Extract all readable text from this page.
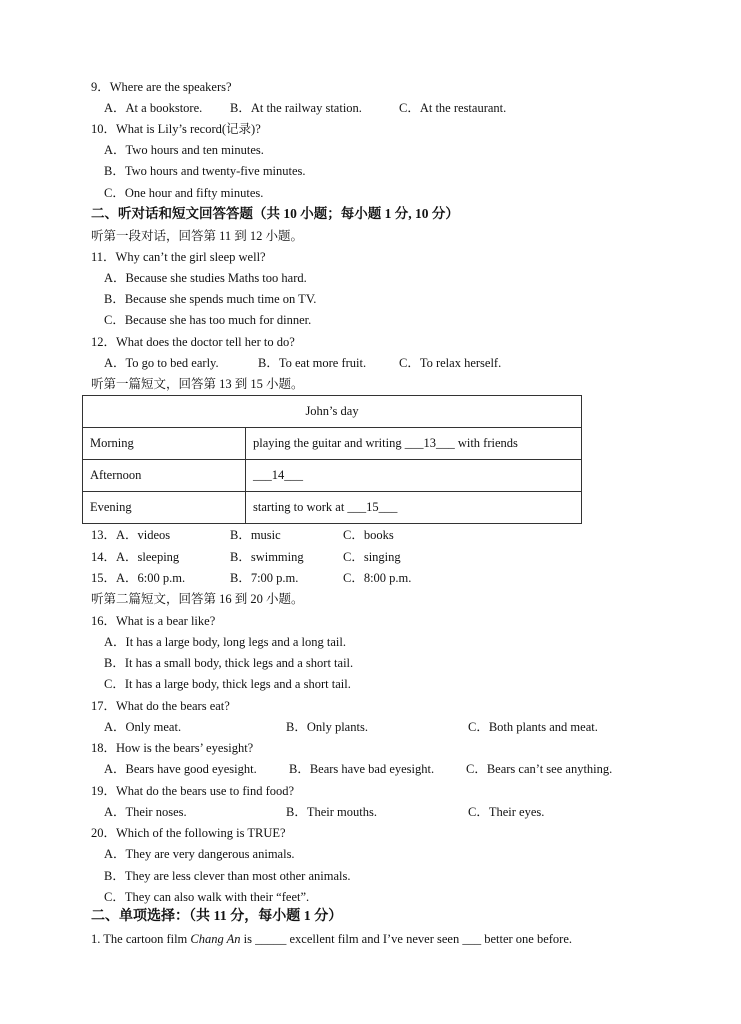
9．Where are the speakers?
A．At a bookstore. B．At the railway station.	C．At the restaurant.
10．What is Lily’s record(记录)?
A．Two hours and ten minutes.
B．Two hours and twenty-five minutes.
C．One hour and fifty minutes.
二、听对话和短文回答答题（共 10 小题；每小题 1 分, 10 分）
听第一段对话，回答第 11 到 12 小题。
11．Why can’t the girl sleep well?
A．Because she studies Maths too hard.
B．Because she spends much time on TV.
C．Because she has too much for dinner.
12．What does the doctor tell her to do?
A．To go to bed early.	B．To eat more fruit.	C．To relax herself.
听第一篇短文，回答第 13 到 15 小题。
John’s day	
Morning	playing the guitar and writing ___13___ with friends
Afternoon	___14___
Evening	starting to work at ___15___
13．A．videos	B．music	C．books
14．A．sleeping	B．swimming	C．singing
15．A．6:00 p.m.	B．7:00 p.m.	C．8:00 p.m.
听第二篇短文，回答第 16 到 20 小题。
16．What is a bear like?
A．It has a large body, long legs and a long tail.
B．It has a small body, thick legs and a short tail.
C．It has a large body, thick legs and a short tail.
17．What do the bears eat?
A．Only meat.	B．Only plants.	C．Both plants and meat.
18．How is the bears’ eyesight?
A．Bears have good eyesight.	B．Bears have bad eyesight.	C．Bears can’t see anything.
19．What do the bears use to find food?
A．Their noses.	B．Their mouths.	C．Their eyes.
20．Which of the following is TRUE?
A．They are very dangerous animals.
B．They are less clever than most other animals.
C．They can also walk with their “feet”.
二、单项选择：（共 11 分，每小题 1 分）
1. The cartoon film Chang An is _____ excellent film and I’ve never seen ___ better one before.
